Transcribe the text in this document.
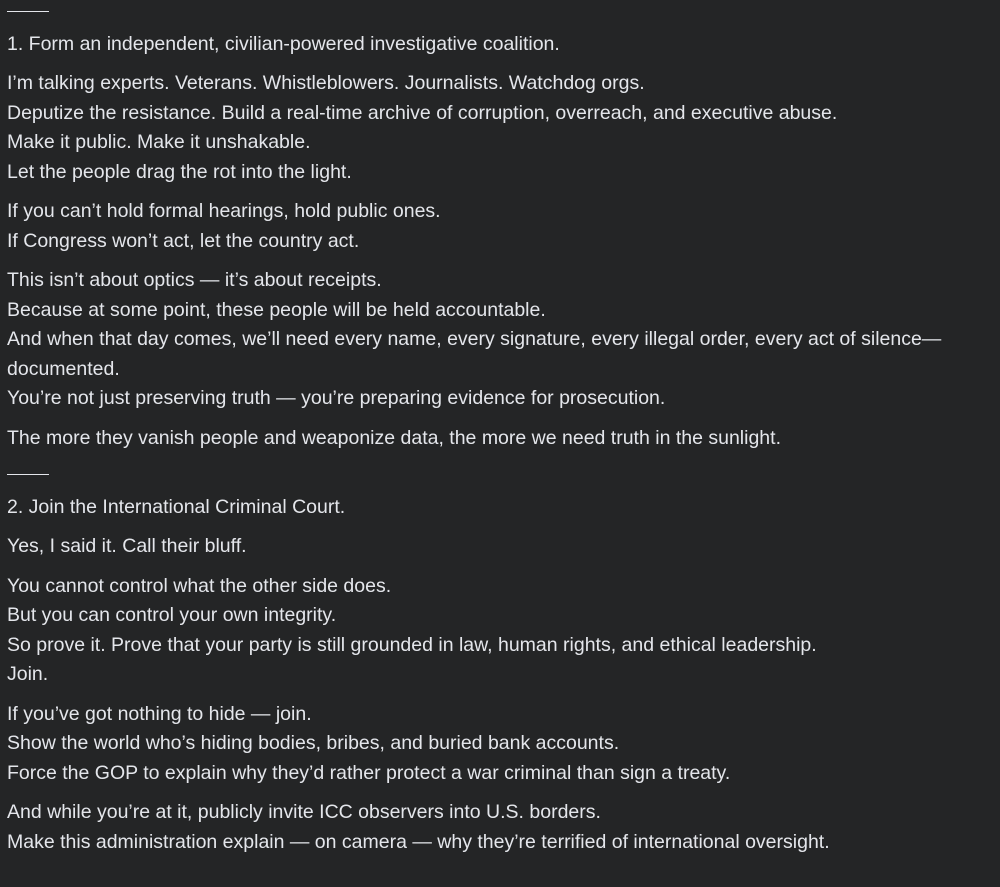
1. Form an independent, civilian-powered investigative coalition.

I’m talking experts. Veterans. Whistleblowers. Journalists. Watchdog orgs.
Deputize the resistance. Build a real-time archive of corruption, overreach, and executive abuse.
Make it public. Make it unshakable.
Let the people drag the rot into the light.

If you can’t hold formal hearings, hold public ones.
If Congress won’t act, let the country act.

This isn’t about optics — it’s about receipts.
Because at some point, these people will be held accountable.
And when that day comes, we’ll need every name, every signature, every illegal order, every act of silence—documented.
You’re not just preserving truth — you’re preparing evidence for prosecution.

The more they vanish people and weaponize data, the more we need truth in the sunlight.

2. Join the International Criminal Court.

Yes, I said it. Call their bluff.

You cannot control what the other side does.
But you can control your own integrity.
So prove it. Prove that your party is still grounded in law, human rights, and ethical leadership.
Join.

If you’ve got nothing to hide — join.
Show the world who’s hiding bodies, bribes, and buried bank accounts.
Force the GOP to explain why they’d rather protect a war criminal than sign a treaty.

And while you’re at it, publicly invite ICC observers into U.S. borders.
Make this administration explain — on camera — why they’re terrified of international oversight.
